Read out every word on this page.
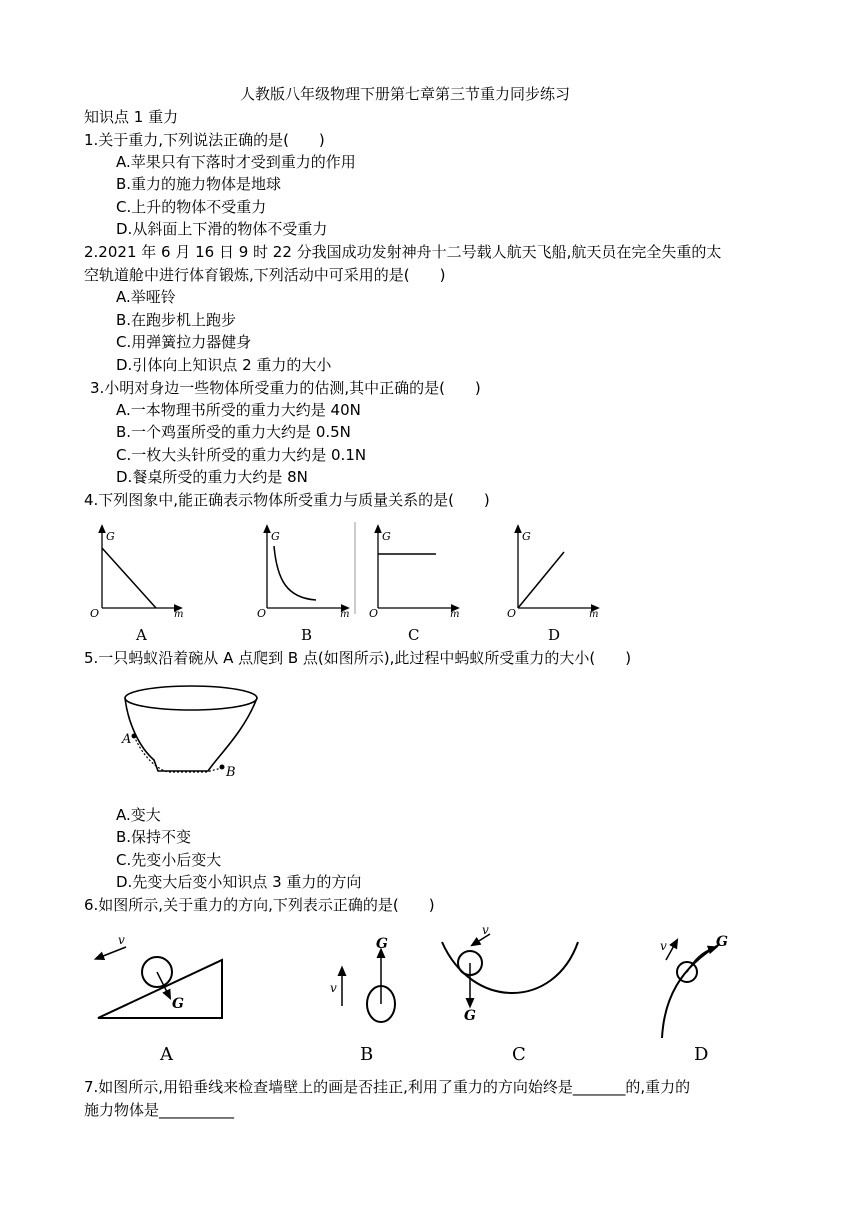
人教版八年级物理下册第七章第三节重力同步练习
知识点 1 重力
1.关于重力,下列说法正确的是(　　)
A.苹果只有下落时才受到重力的作用
B.重力的施力物体是地球
C.上升的物体不受重力
D.从斜面上下滑的物体不受重力
2.2021 年 6 月 16 日 9 时 22 分我国成功发射神舟十二号载人航天飞船,航天员在完全失重的太
空轨道舱中进行体育锻炼,下列活动中可采用的是(　　)
A.举哑铃
B.在跑步机上跑步
C.用弹簧拉力器健身
D.引体向上知识点 2 重力的大小
3.小明对身边一些物体所受重力的估测,其中正确的是(　　)
A.一本物理书所受的重力大约是 40N
B.一个鸡蛋所受的重力大约是 0.5N
C.一枚大头针所受的重力大约是 0.1N
D.餐桌所受的重力大约是 8N
4.下列图象中,能正确表示物体所受重力与质量关系的是(　　)
G
O	m
A
G
O	m
B
G
O	m
C
G
O	m
D
5.一只蚂蚁沿着碗从 A 点爬到 B 点(如图所示),此过程中蚂蚁所受重力的大小(　　)
A
B
A.变大
B.保持不变
C.先变小后变大
D.先变大后变小知识点 3 重力的方向
6.如图所示,关于重力的方向,下列表示正确的是(　　)
v
G
A
v
G
B
v
G
C
v	G
D
7.如图所示,用铅垂线来检查墙壁上的画是否挂正,利用了重力的方向始终是_______的,重力的
施力物体是__________
